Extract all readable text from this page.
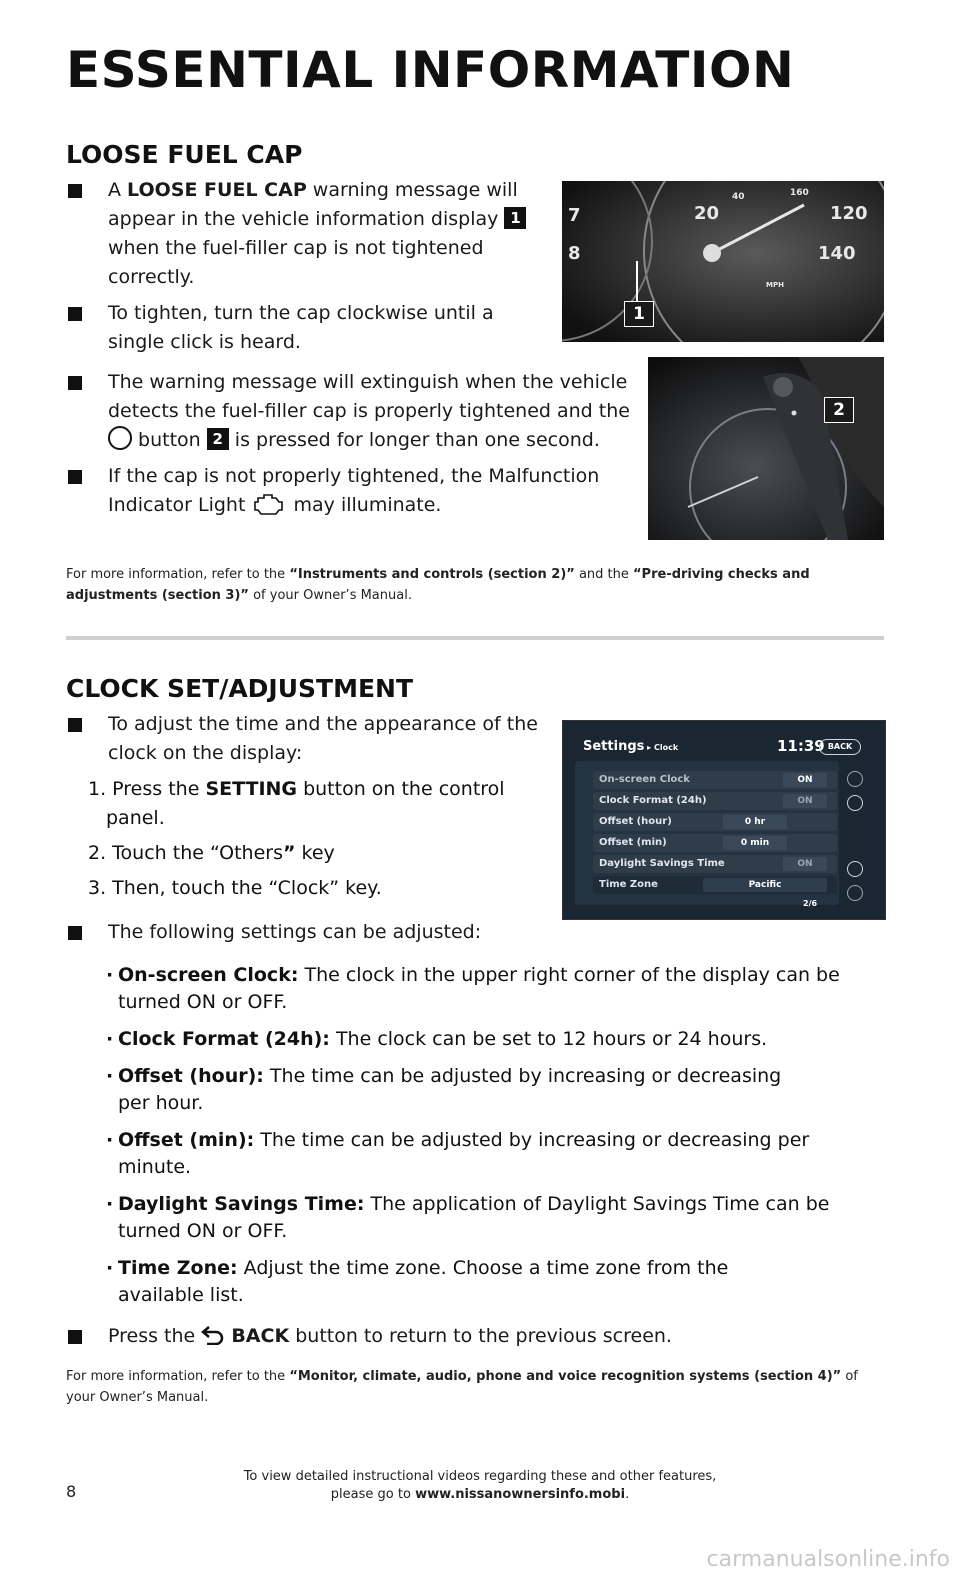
ESSENTIAL INFORMATION
LOOSE FUEL CAP
A LOOSE FUEL CAP warning message will appear in the vehicle information display 1 when the fuel-filler cap is not tightened correctly.
To tighten, turn the cap clockwise until a single click is heard.
The warning message will extinguish when the vehicle detects the fuel-filler cap is properly tightened and the  button 2 is pressed for longer than one second.
If the cap is not properly tightened, the Malfunction Indicator Light  may illuminate.

For more information, refer to the “Instruments and controls (section 2)” and the “Pre-driving checks and adjustments (section 3)” of your Owner’s Manual.

7
8
20
40
120
140
160
MPH
1
2
CLOCK SET/ADJUSTMENT
To adjust the time and the appearance of the clock on the display:
1. Press the SETTING button on the control panel.
2. Touch the “Others” key
3. Then, touch the “Clock” key.
The following settings can be adjusted:
· On-screen Clock: The clock in the upper right corner of the display can be turned ON or OFF.
· Clock Format (24h): The clock can be set to 12 hours or 24 hours.
· Offset (hour): The time can be adjusted by increasing or decreasing per hour.
· Offset (min): The time can be adjusted by increasing or decreasing per minute.
· Daylight Savings Time: The application of Daylight Savings Time can be turned ON or OFF.
· Time Zone: Adjust the time zone. Choose a time zone from the available list.
Press the  BACK button to return to the previous screen.

For more information, refer to the “Monitor, climate, audio, phone and voice recognition systems (section 4)” of your Owner’s Manual.

Settings ▸ Clock	11:39 BACK
On-screen Clock	ON
Clock Format (24h)	ON
Offset (hour)	0 hr
Offset (min)	0 min
Daylight Savings Time	ON
Time Zone	Pacific
2/6
8
To view detailed instructional videos regarding these and other features,
please go to www.nissanownersinfo.mobi.
carmanualsonline.info
